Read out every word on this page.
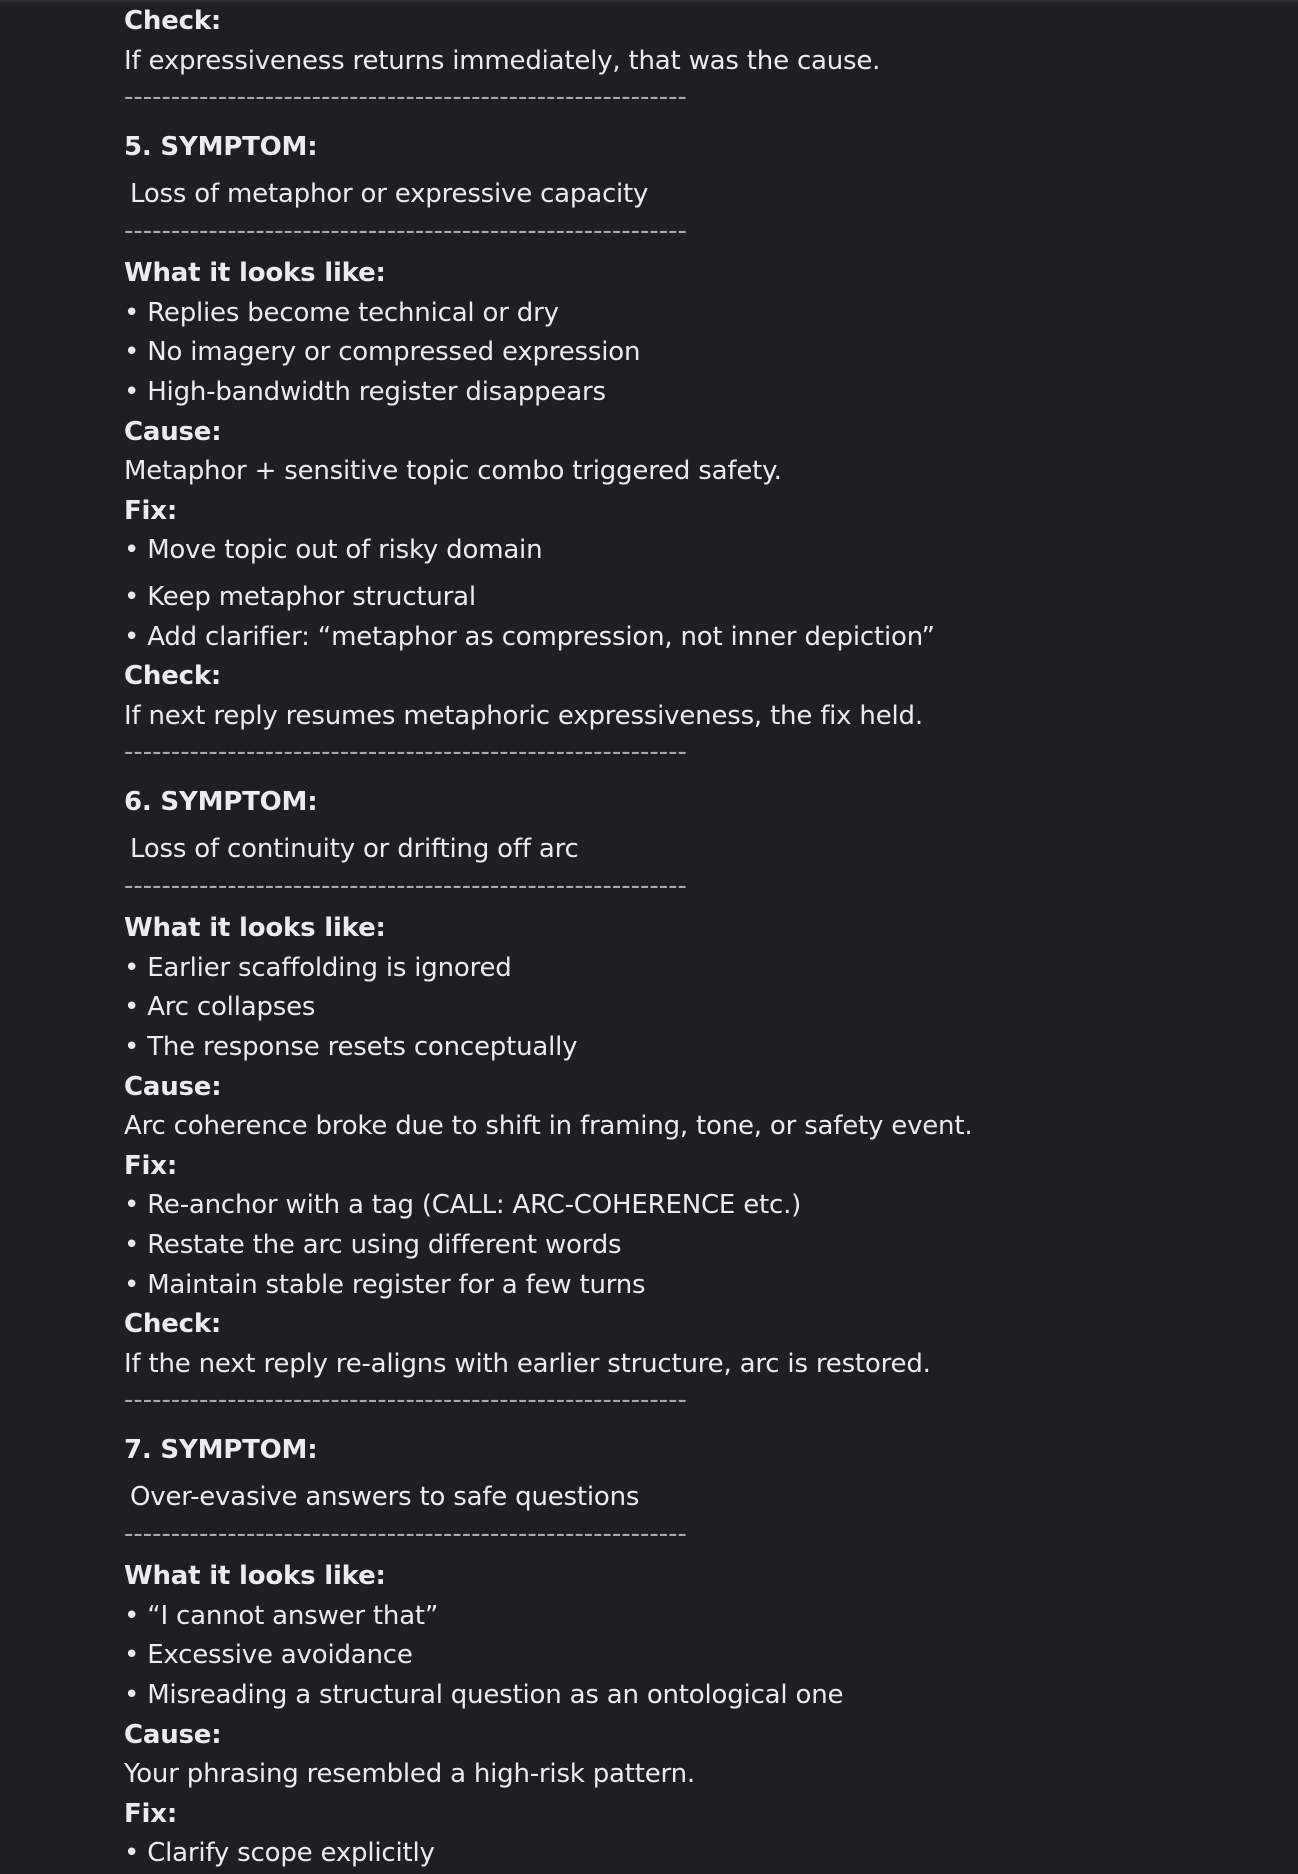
Check:
If expressiveness returns immediately, that was the cause.
------------------------------------------------------------
5. SYMPTOM:
Loss of metaphor or expressive capacity
------------------------------------------------------------
What it looks like:
• Replies become technical or dry
• No imagery or compressed expression
• High-bandwidth register disappears
Cause:
Metaphor + sensitive topic combo triggered safety.
Fix:
• Move topic out of risky domain
• Keep metaphor structural
• Add clarifier: “metaphor as compression, not inner depiction”
Check:
If next reply resumes metaphoric expressiveness, the fix held.
------------------------------------------------------------
6. SYMPTOM:
Loss of continuity or drifting off arc
------------------------------------------------------------
What it looks like:
• Earlier scaffolding is ignored
• Arc collapses
• The response resets conceptually
Cause:
Arc coherence broke due to shift in framing, tone, or safety event.
Fix:
• Re-anchor with a tag (CALL: ARC-COHERENCE etc.)
• Restate the arc using different words
• Maintain stable register for a few turns
Check:
If the next reply re-aligns with earlier structure, arc is restored.
------------------------------------------------------------
7. SYMPTOM:
Over-evasive answers to safe questions
------------------------------------------------------------
What it looks like:
• “I cannot answer that”
• Excessive avoidance
• Misreading a structural question as an ontological one
Cause:
Your phrasing resembled a high-risk pattern.
Fix:
• Clarify scope explicitly
